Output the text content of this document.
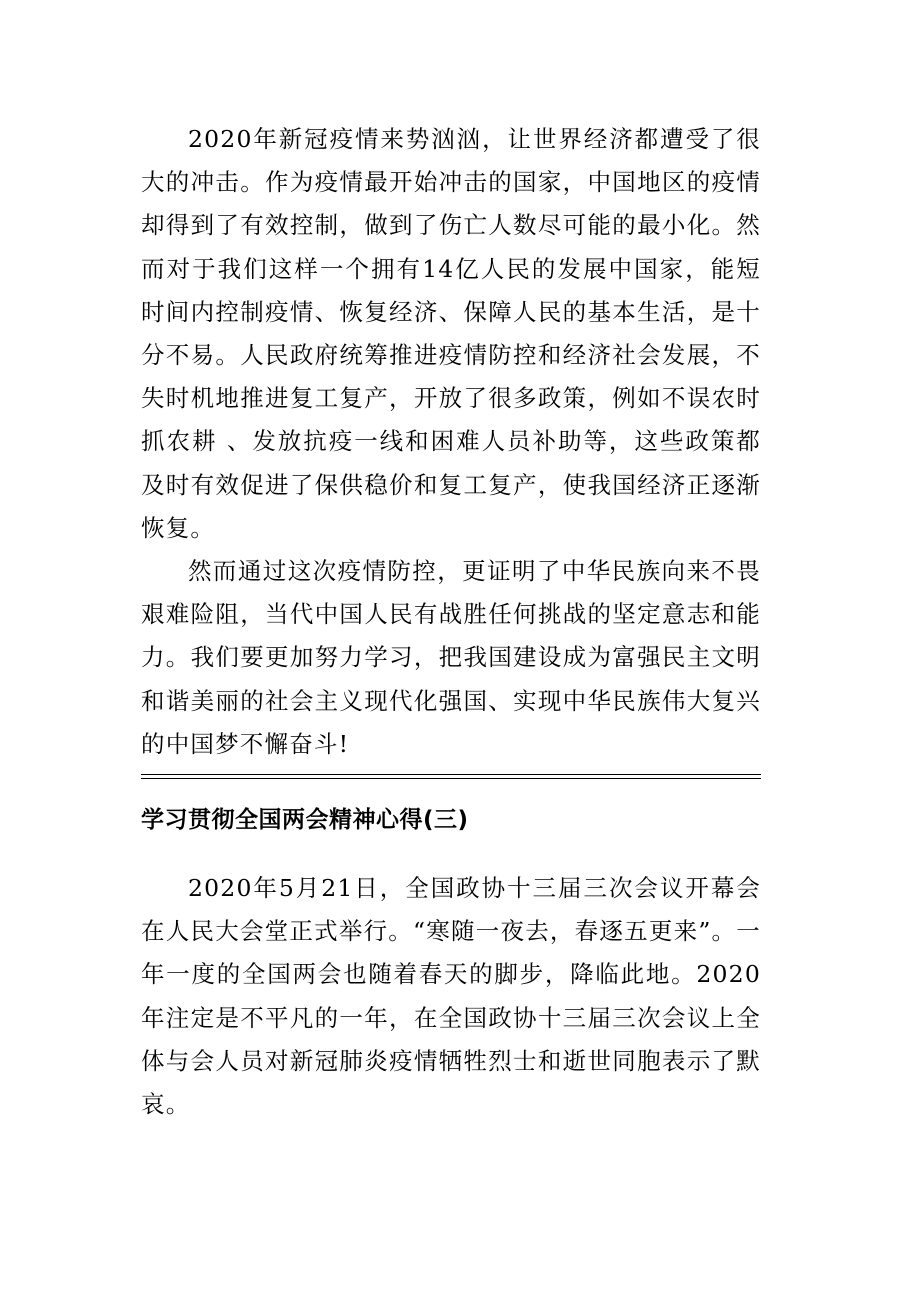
2020年新冠疫情来势汹汹，让世界经济都遭受了很大的冲击。作为疫情最开始冲击的国家，中国地区的疫情却得到了有效控制，做到了伤亡人数尽可能的最小化。然而对于我们这样一个拥有14亿人民的发展中国家，能短时间内控制疫情、恢复经济、保障人民的基本生活，是十分不易。人民政府统筹推进疫情防控和经济社会发展，不失时机地推进复工复产，开放了很多政策，例如不误农时抓农耕 、发放抗疫一线和困难人员补助等，这些政策都及时有效促进了保供稳价和复工复产，使我国经济正逐渐恢复。

然而通过这次疫情防控，更证明了中华民族向来不畏艰难险阻，当代中国人民有战胜任何挑战的坚定意志和能力。我们要更加努力学习，把我国建设成为富强民主文明和谐美丽的社会主义现代化强国、实现中华民族伟大复兴的中国梦不懈奋斗!

学习贯彻全国两会精神心得(三)

2020年5月21日，全国政协十三届三次会议开幕会在人民大会堂正式举行。“寒随一夜去，春逐五更来”。一年一度的全国两会也随着春天的脚步，降临此地。2020年注定是不平凡的一年，在全国政协十三届三次会议上全体与会人员对新冠肺炎疫情牺牲烈士和逝世同胞表示了默哀。
